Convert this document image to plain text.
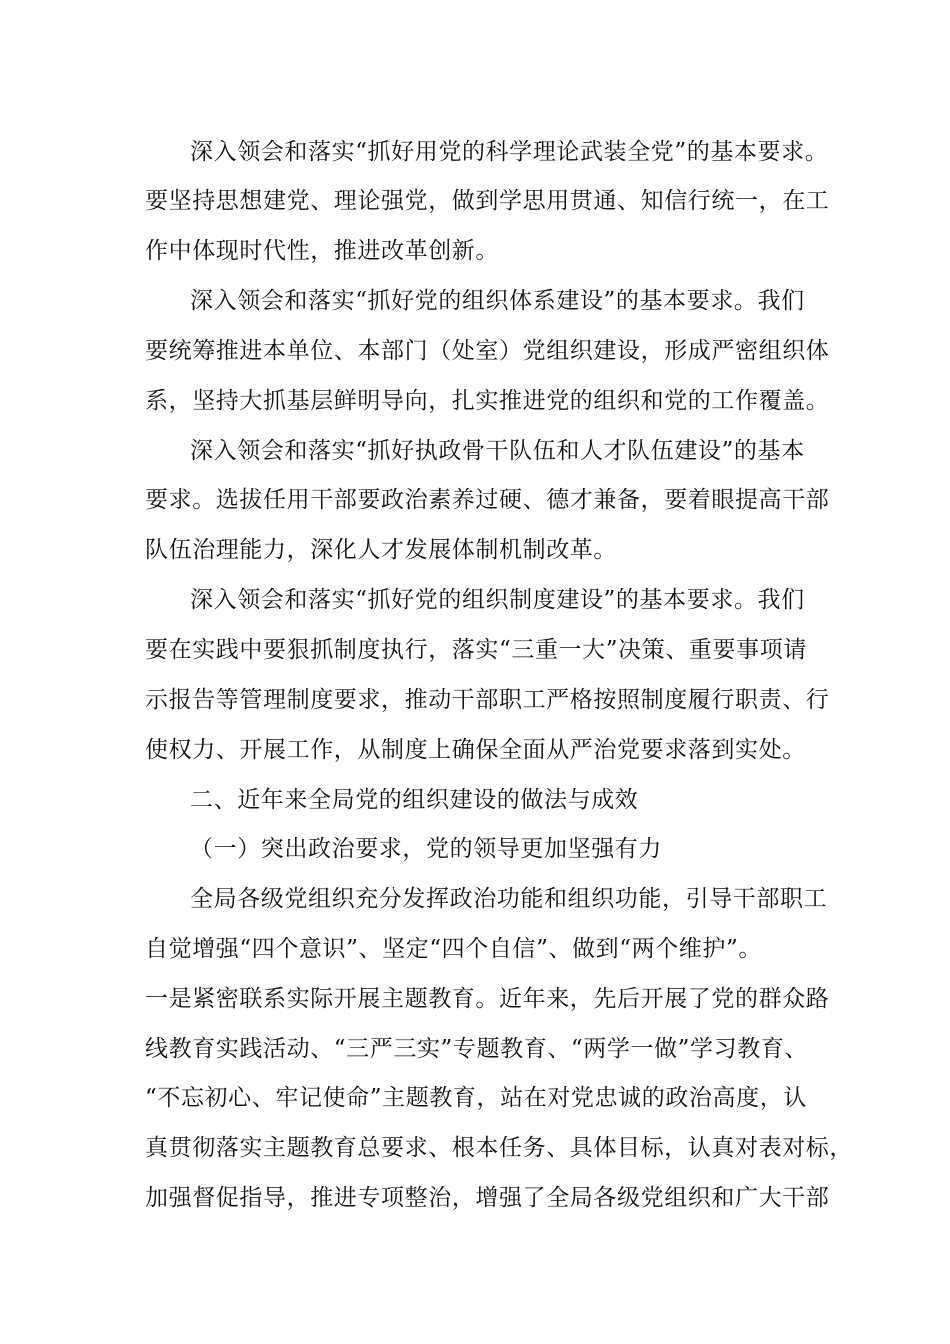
深入领会和落实“抓好用党的科学理论武装全党”的基本要求。
要坚持思想建党、理论强党，做到学思用贯通、知信行统一，在工
作中体现时代性，推进改革创新。
深入领会和落实“抓好党的组织体系建设”的基本要求。我们
要统筹推进本单位、本部门（处室）党组织建设，形成严密组织体
系，坚持大抓基层鲜明导向，扎实推进党的组织和党的工作覆盖。
深入领会和落实“抓好执政骨干队伍和人才队伍建设”的基本
要求。选拔任用干部要政治素养过硬、德才兼备，要着眼提高干部
队伍治理能力，深化人才发展体制机制改革。
深入领会和落实“抓好党的组织制度建设”的基本要求。我们
要在实践中要狠抓制度执行，落实“三重一大”决策、重要事项请
示报告等管理制度要求，推动干部职工严格按照制度履行职责、行
使权力、开展工作，从制度上确保全面从严治党要求落到实处。
二、近年来全局党的组织建设的做法与成效
（一）突出政治要求，党的领导更加坚强有力
全局各级党组织充分发挥政治功能和组织功能，引导干部职工
自觉增强“四个意识”、坚定“四个自信”、做到“两个维护”。
一是紧密联系实际开展主题教育。近年来，先后开展了党的群众路
线教育实践活动、“三严三实”专题教育、“两学一做”学习教育、
“不忘初心、牢记使命”主题教育，站在对党忠诚的政治高度，认
真贯彻落实主题教育总要求、根本任务、具体目标，认真对表对标，
加强督促指导，推进专项整治，增强了全局各级党组织和广大干部
